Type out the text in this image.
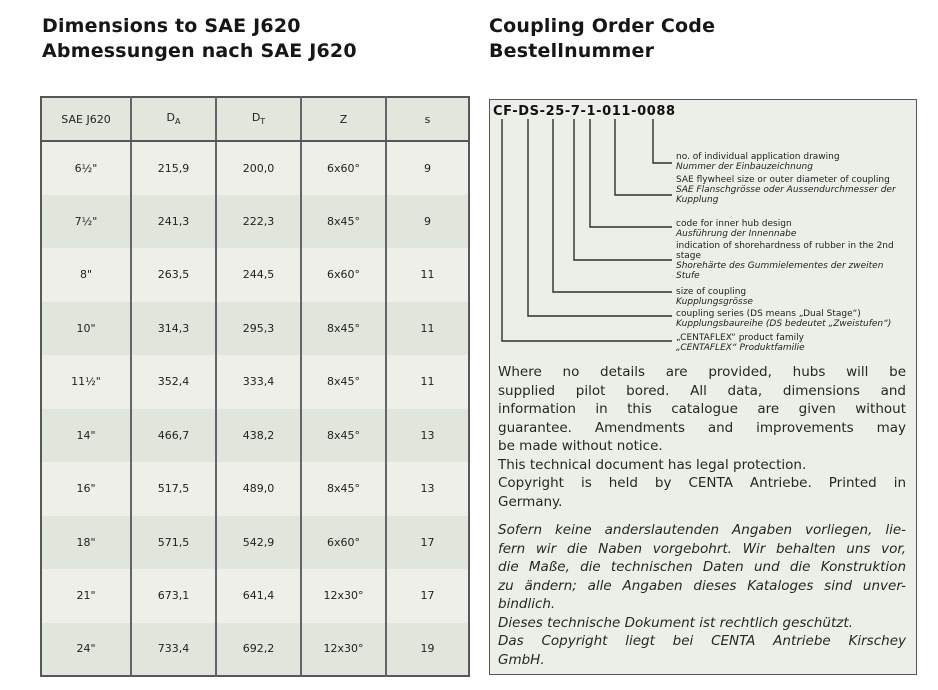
Dimensions to SAE J620
Abmessungen nach SAE J620
SAE J620	$D_A$	$D_T$	Z	s
6½"	215,9	200,0	6x60°	9
7½"	241,3	222,3	8x45°	9
8"	263,5	244,5	6x60°	11
10"	314,3	295,3	8x45°	11
11½"	352,4	333,4	8x45°	11
14"	466,7	438,2	8x45°	13
16"	517,5	489,0	8x45°	13
18"	571,5	542,9	6x60°	17
21"	673,1	641,4	12x30°	17
24"	733,4	692,2	12x30°	19
Coupling Order Code
Bestellnummer
CF-DS-25-7-1-011-0088
no. of individual application drawing
Nummer der Einbauzeichnung
SAE flywheel size or outer diameter of coupling
SAE Flanschgrösse oder Aussendurchmesser der Kupplung
code for inner hub design
Ausführung der Innennabe
indication of shorehardness of rubber in the 2nd stage
Shorehärte des Gummielementes der zweiten Stufe
size of coupling
Kupplungsgrösse
coupling series (DS means „Dual Stage“)
Kupplungsbaureihe (DS bedeutet „Zweistufen“)
„CENTAFLEX“ product family
„CENTAFLEX“ Produktfamilie
Where no details are provided, hubs will be
supplied pilot bored. All data, dimensions and
information in this catalogue are given without
guarantee. Amendments and improvements may
be made without notice.
This technical document has legal protection.
Copyright is held by CENTA Antriebe. Printed in
Germany.
Sofern keine anderslautenden Angaben vorliegen, lie-
fern wir die Naben vorgebohrt. Wir behalten uns vor,
die Maße, die technischen Daten und die Konstruktion
zu ändern; alle Angaben dieses Kataloges sind unver-
bindlich.
Dieses technische Dokument ist rechtlich geschützt.
Das Copyright liegt bei CENTA Antriebe Kirschey
GmbH.
